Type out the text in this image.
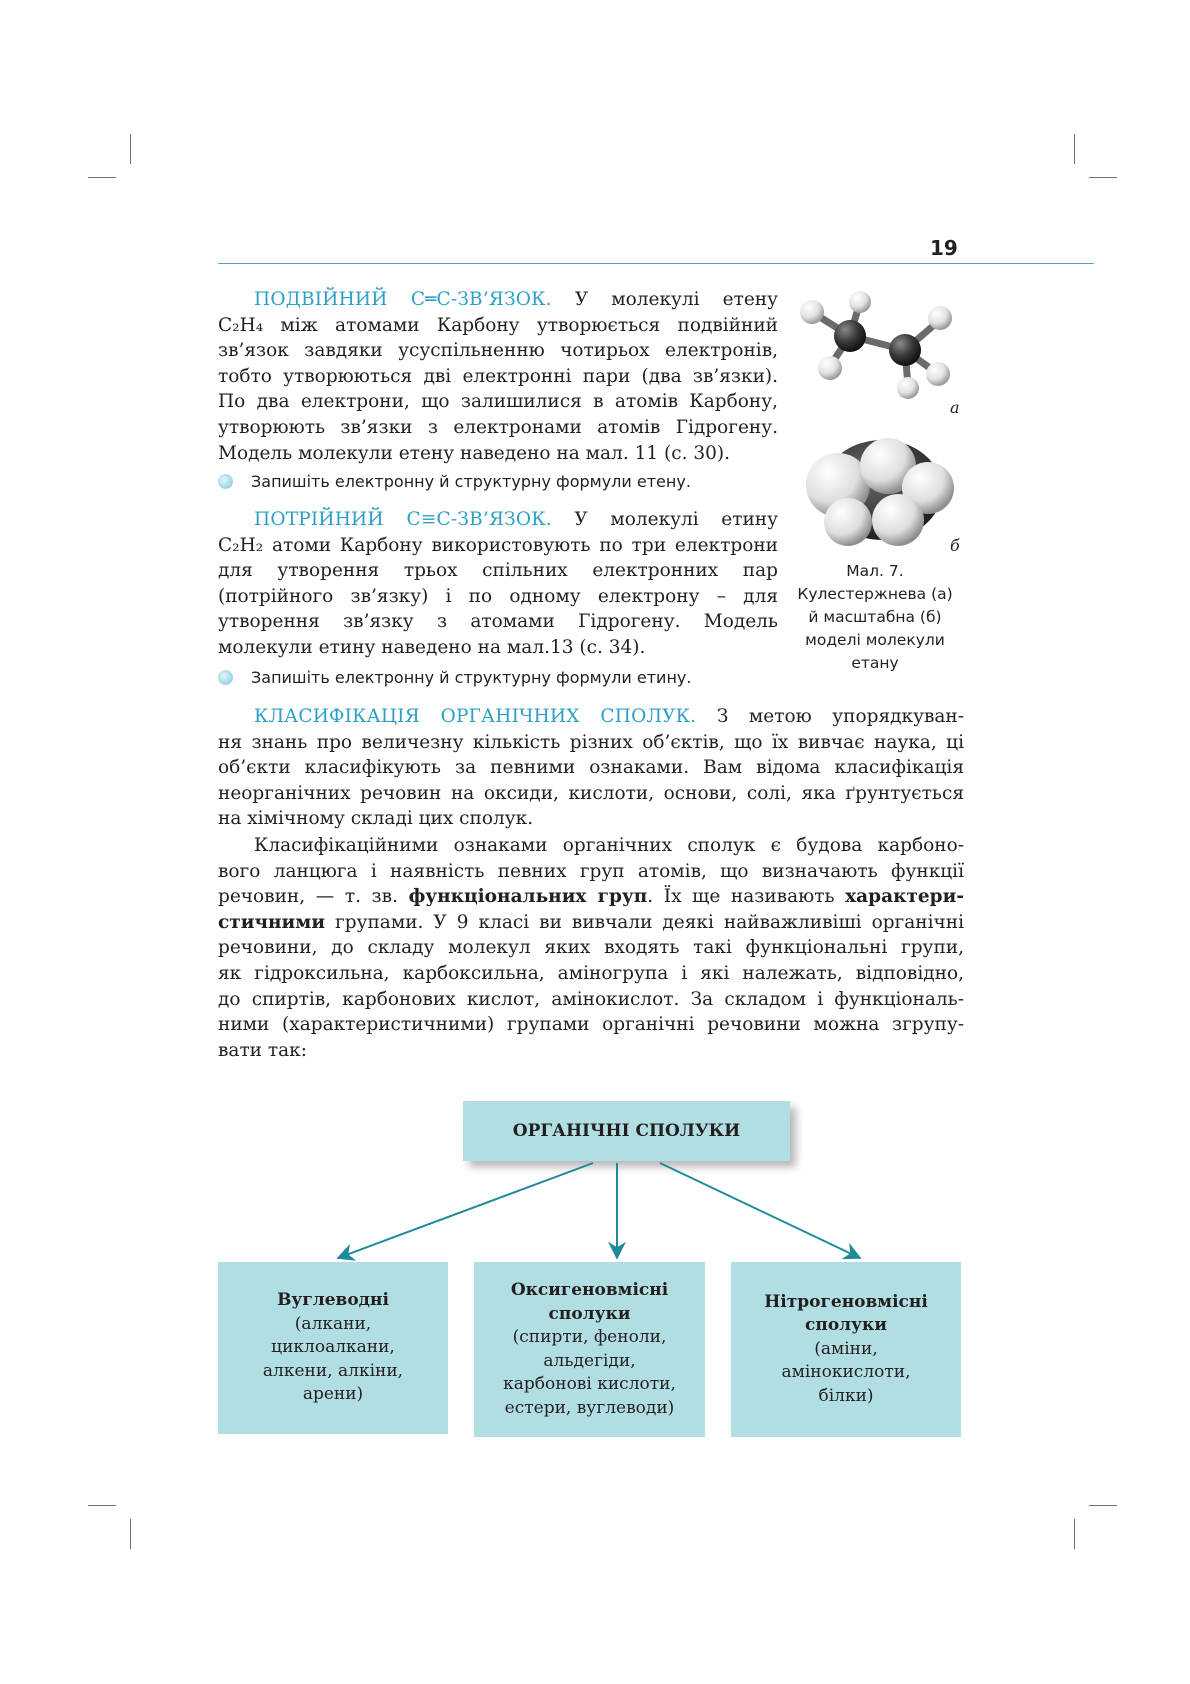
19
ПОДВІЙНИЙ С═С-ЗВ’ЯЗОК. У молекулі етену
C₂H₄ між атомами Карбону утворюється подвійний
зв’язок завдяки усуспільненню чотирьох електронів,
тобто утворюються дві електронні пари (два зв’язки).
По два електрони, що залишилися в атомів Карбону,
утворюють зв’язки з електронами атомів Гідрогену.
Модель молекули етену наведено на мал. 11 (с. 30).
Запишіть електронну й структурну формули етену.
ПОТРІЙНИЙ С≡С-ЗВ’ЯЗОК. У молекулі етину
C₂H₂ атоми Карбону використовують по три електрони
для утворення трьох спільних електронних пар
(потрійного зв’язку) і по одному електрону – для
утворення зв’язку з атомами Гідрогену. Модель
молекули етину наведено на мал.13 (с. 34).
Запишіть електронну й структурну формули етину.
а
б
Мал. 7.
Кулестержнева (а)
й масштабна (б)
моделі молекули
етану
КЛАСИФІКАЦІЯ ОРГАНІЧНИХ СПОЛУК. З метою упорядкуван-
ня знань про величезну кількість різних об’єктів, що їх вивчає наука, ці
об’єкти класифікують за певними ознаками. Вам відома класифікація
неорганічних речовин на оксиди, кислоти, основи, солі, яка ґрунтується
на хімічному складі цих сполук.
Класифікаційними ознаками органічних сполук є будова карбоно-
вого ланцюга і наявність певних груп атомів, що визначають функції
речовин, — т. зв. функціональних груп. Їх ще називають характери-
стичними групами. У 9 класі ви вивчали деякі найважливіші органічні
речовини, до складу молекул яких входять такі функціональні групи,
як гідроксильна, карбоксильна, аміногрупа і які належать, відповідно,
до спиртів, карбонових кислот, амінокислот. За складом і функціональ-
ними (характеристичними) групами органічні речовини можна згрупу-
вати так:
ОРГАНІЧНІ СПОЛУКИ
Вуглеводні
(алкани,
циклоалкани,
алкени, алкіни,
арени)
Оксигеновмісні
сполуки
(спирти, феноли,
альдегіди,
карбонові кислоти,
естери, вуглеводи)
Нітрогеновмісні
сполуки
(аміни,
амінокислоти,
білки)
